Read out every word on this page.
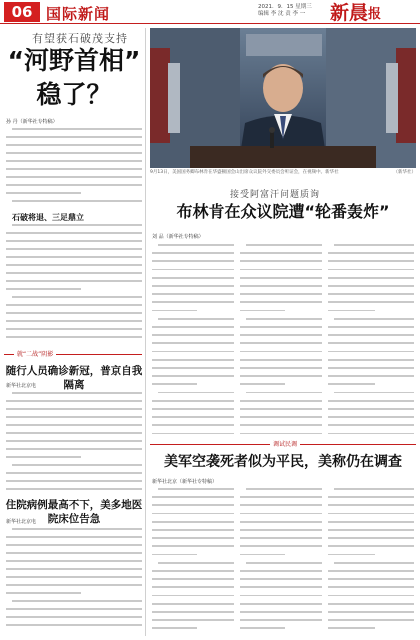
06 国际新闻	2021．9．15 星期三
编辑 李 沈 责 李 一	新晨报
有望获石破茂支持
“河野首相”
稳了？
孙 丹（新华社专特稿）
石破将退、三足鼎立
9月13日，美国国务卿布林肯在华盛顿国会山出席众议院外交委员会听证会，在视频中。新华社	（新华社）
接受阿富汗问题质询
布林肯在众议院遭“轮番轰炸”
刘 品（新华社专特稿）
就“二战”阴影
随行人员确诊新冠，普京自我隔离
新华社北京电
住院病例最高不下，美多地医院床位告急
新华社北京电
调试民调
美军空袭死者似为平民，美称仍在调查
新华社北京（新华社专特稿）
